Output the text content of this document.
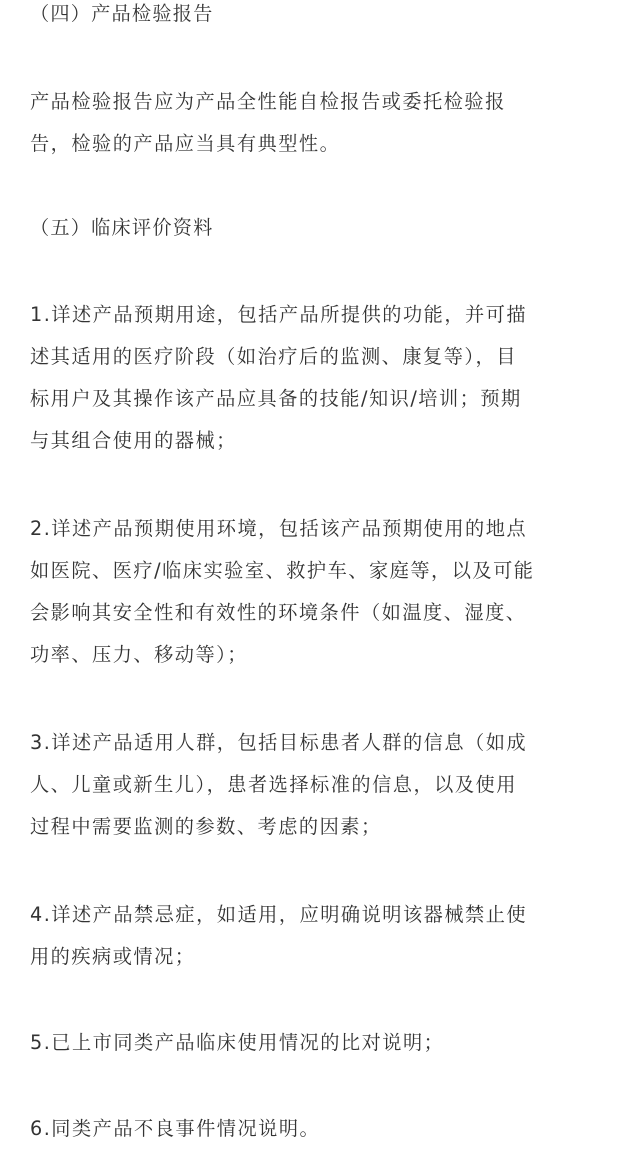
（四）产品检验报告
产品检验报告应为产品全性能自检报告或委托检验报
告，检验的产品应当具有典型性。
（五）临床评价资料
1.详述产品预期用途，包括产品所提供的功能，并可描
述其适用的医疗阶段（如治疗后的监测、康复等），目
标用户及其操作该产品应具备的技能/知识/培训；预期
与其组合使用的器械；
2.详述产品预期使用环境，包括该产品预期使用的地点
如医院、医疗/临床实验室、救护车、家庭等，以及可能
会影响其安全性和有效性的环境条件（如温度、湿度、
功率、压力、移动等）；
3.详述产品适用人群，包括目标患者人群的信息（如成
人、儿童或新生儿），患者选择标准的信息，以及使用
过程中需要监测的参数、考虑的因素；
4.详述产品禁忌症，如适用，应明确说明该器械禁止使
用的疾病或情况；
5.已上市同类产品临床使用情况的比对说明；
6.同类产品不良事件情况说明。
